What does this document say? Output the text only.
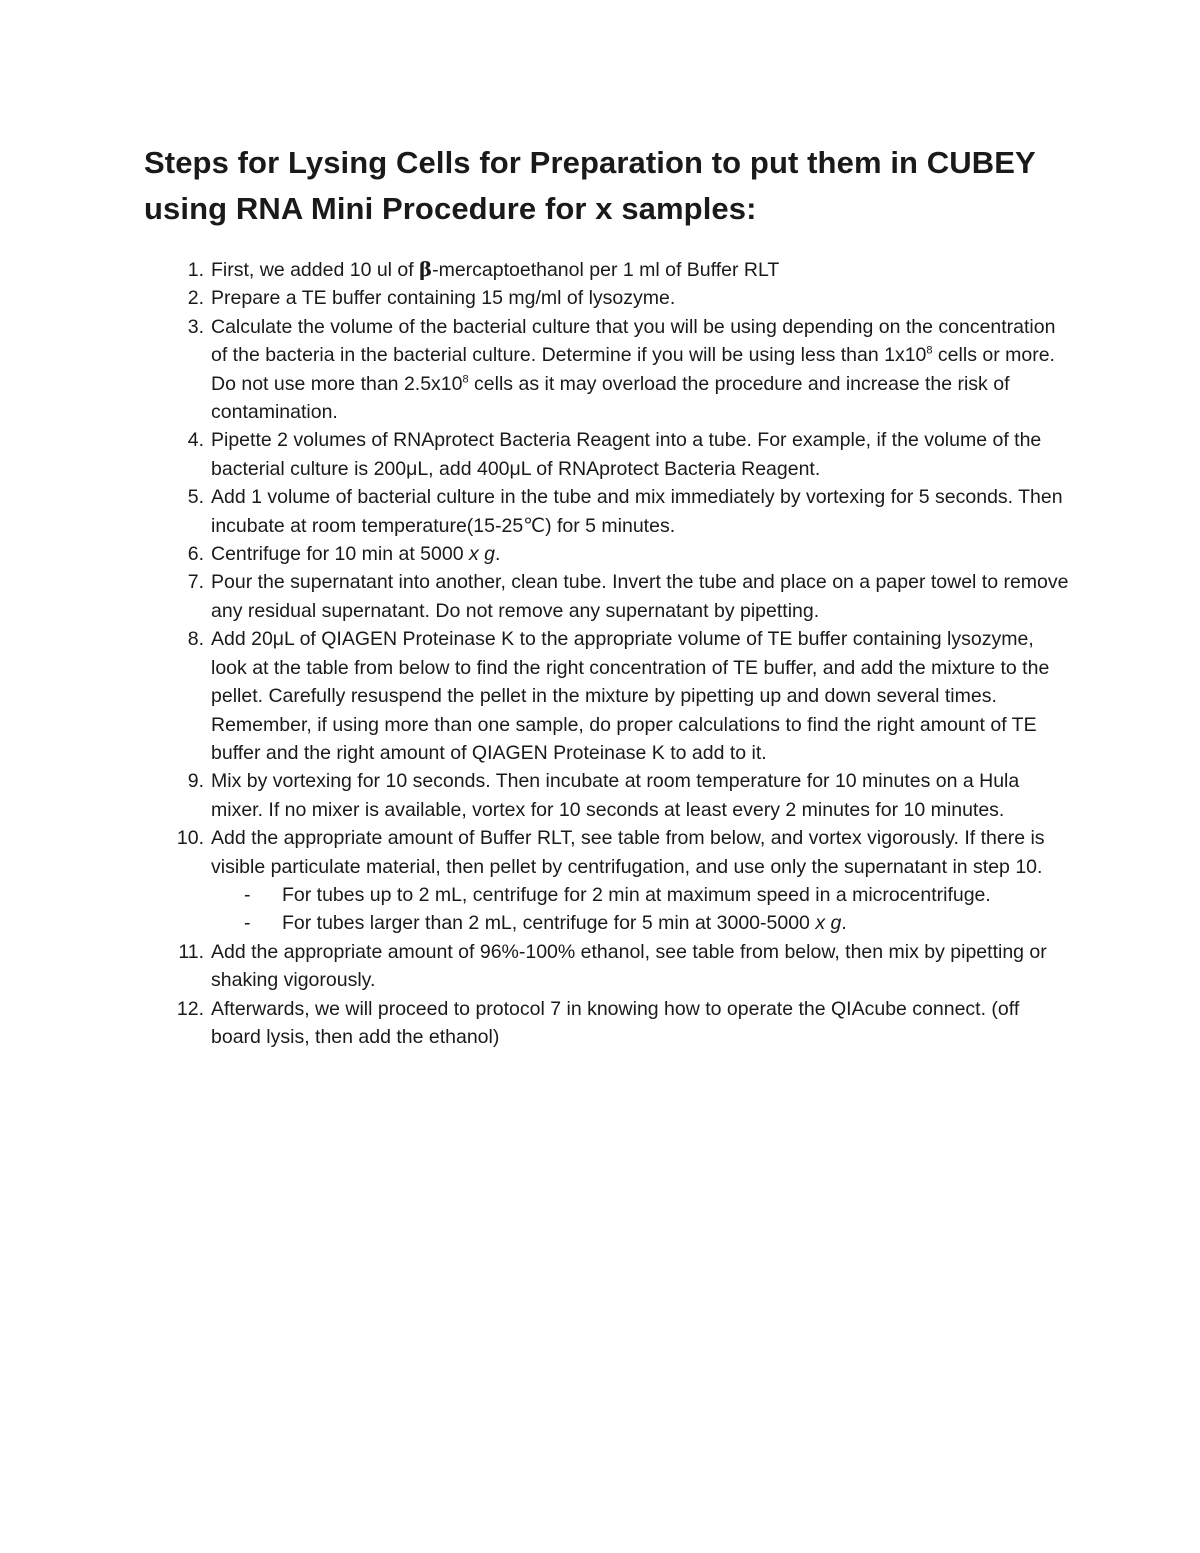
Steps for Lysing Cells for Preparation to put them in CUBEY using RNA Mini Procedure for x samples:
1. First, we added 10 ul of β-mercaptoethanol per 1 ml of Buffer RLT
2. Prepare a TE buffer containing 15 mg/ml of lysozyme.
3. Calculate the volume of the bacterial culture that you will be using depending on the concentration of the bacteria in the bacterial culture. Determine if you will be using less than $1x10^8$ cells or more. Do not use more than $2.5x10^8$ cells as it may overload the procedure and increase the risk of contamination.
4. Pipette 2 volumes of RNAprotect Bacteria Reagent into a tube. For example, if the volume of the bacterial culture is 200μL, add 400μL of RNAprotect Bacteria Reagent.
5. Add 1 volume of bacterial culture in the tube and mix immediately by vortexing for 5 seconds. Then incubate at room temperature(15-25℃) for 5 minutes.
6. Centrifuge for 10 min at 5000 x g.
7. Pour the supernatant into another, clean tube. Invert the tube and place on a paper towel to remove any residual supernatant. Do not remove any supernatant by pipetting.
8. Add 20μL of QIAGEN Proteinase K to the appropriate volume of TE buffer containing lysozyme, look at the table from below to find the right concentration of TE buffer, and add the mixture to the pellet. Carefully resuspend the pellet in the mixture by pipetting up and down several times. Remember, if using more than one sample, do proper calculations to find the right amount of TE buffer and the right amount of QIAGEN Proteinase K to add to it.
9. Mix by vortexing for 10 seconds. Then incubate at room temperature for 10 minutes on a Hula mixer. If no mixer is available, vortex for 10 seconds at least every 2 minutes for 10 minutes.
10. Add the appropriate amount of Buffer RLT, see table from below, and vortex vigorously. If there is visible particulate material, then pellet by centrifugation, and use only the supernatant in step 10.
- For tubes up to 2 mL, centrifuge for 2 min at maximum speed in a microcentrifuge.
- For tubes larger than 2 mL, centrifuge for 5 min at 3000-5000 x g.
11. Add the appropriate amount of 96%-100% ethanol, see table from below, then mix by pipetting or shaking vigorously.
12. Afterwards, we will proceed to protocol 7 in knowing how to operate the QIAcube connect. (off board lysis, then add the ethanol)
